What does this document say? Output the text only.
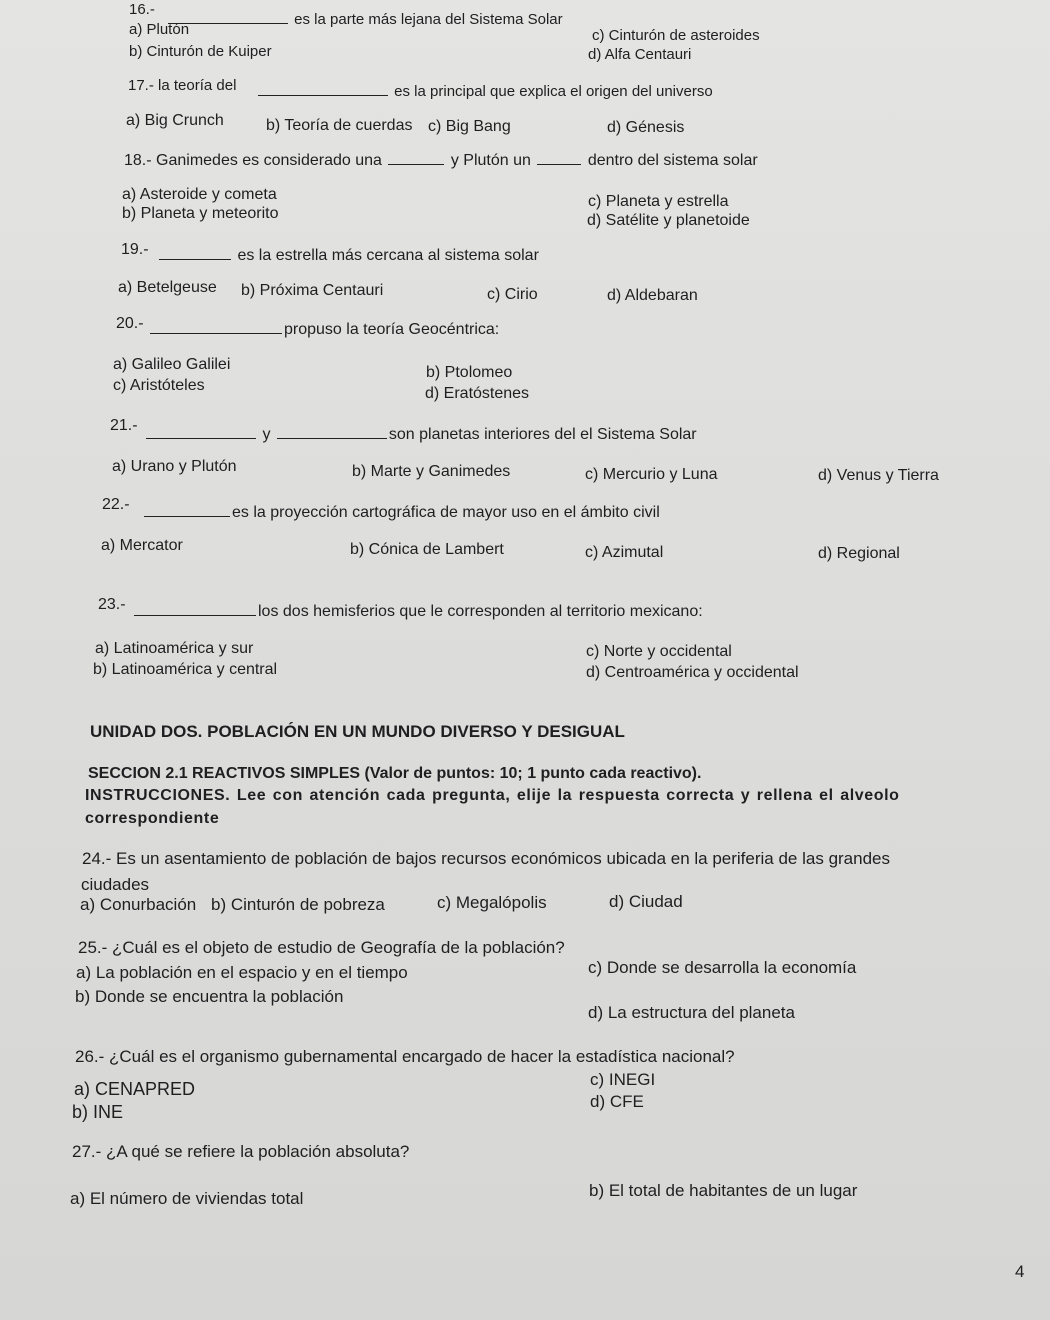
16.-
es la parte más lejana del Sistema Solar
a) Plutón
b) Cinturón de Kuiper
c) Cinturón de asteroides
d) Alfa Centauri
17.- la teoría del	es la principal que explica el origen del universo
a) Big Crunch	b) Teoría de cuerdas c) Big Bang	d) Génesis
18.- Ganimedes es considerado una	y Plutón un	dentro del sistema solar
a) Asteroide y cometa
b) Planeta y meteorito
c) Planeta y estrella
d) Satélite y planetoide
19.-	es la estrella más cercana al sistema solar
a) Betelgeuse b) Próxima Centauri	c) Cirio	d) Aldebaran
20.-	propuso la teoría Geocéntrica:
a) Galileo Galilei
c) Aristóteles
b) Ptolomeo
d) Eratóstenes
21.-
y	son planetas interiores del el Sistema Solar
a) Urano y Plutón	b) Marte y Ganimedes	c) Mercurio y Luna	d) Venus y Tierra
22.-	es la proyección cartográfica de mayor uso en el ámbito civil
a) Mercator	b) Cónica de Lambert	c) Azimutal	d) Regional
23.-	los dos hemisferios que le corresponden al territorio mexicano:
a) Latinoamérica y sur
b) Latinoamérica y central
c) Norte y occidental
d) Centroamérica y occidental
UNIDAD DOS. POBLACIÓN EN UN MUNDO DIVERSO Y DESIGUAL
SECCION 2.1 REACTIVOS SIMPLES (Valor de puntos: 10; 1 punto cada reactivo).
INSTRUCCIONES. Lee con atención cada pregunta, elije la respuesta correcta y rellena el alveolo
correspondiente
24.- Es un asentamiento de población de bajos recursos económicos ubicada en la periferia de las grandes
ciudades
a) Conurbación b) Cinturón de pobreza	c) Megalópolis	d) Ciudad
25.- ¿Cuál es el objeto de estudio de Geografía de la población?
a) La población en el espacio y en el tiempo
b) Donde se encuentra la población
c) Donde se desarrolla la economía
d) La estructura del planeta
26.- ¿Cuál es el organismo gubernamental encargado de hacer la estadística nacional?
a) CENAPRED
b) INE
c) INEGI
d) CFE
27.- ¿A qué se refiere la población absoluta?
a) El número de viviendas total	b) El total de habitantes de un lugar
4
